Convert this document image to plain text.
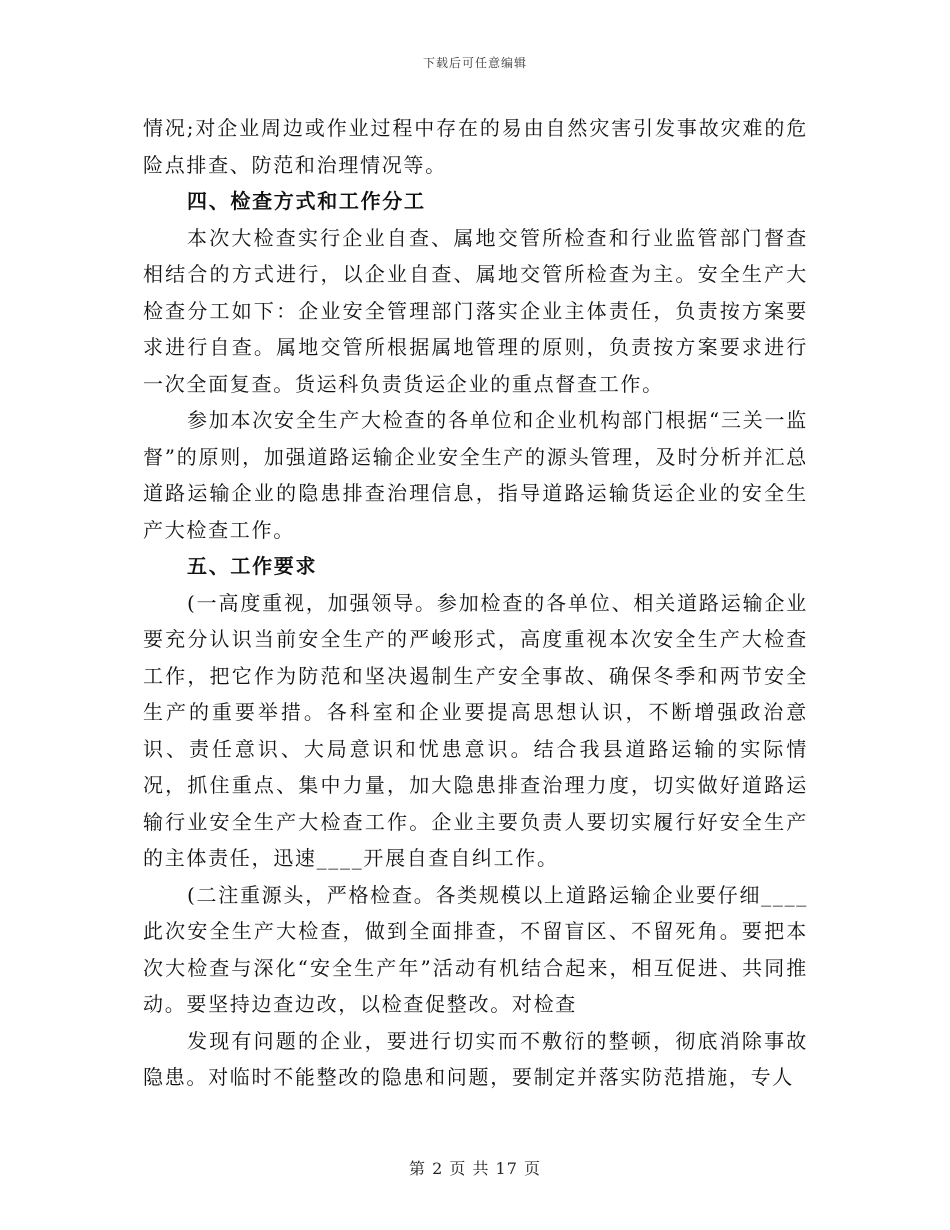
下载后可任意编辑

情况;对企业周边或作业过程中存在的易由自然灾害引发事故灾难的危险点排查、防范和治理情况等。

四、检查方式和工作分工

本次大检查实行企业自查、属地交管所检查和行业监管部门督查相结合的方式进行，以企业自查、属地交管所检查为主。安全生产大检查分工如下：企业安全管理部门落实企业主体责任，负责按方案要求进行自查。属地交管所根据属地管理的原则，负责按方案要求进行一次全面复查。货运科负责货运企业的重点督查工作。

参加本次安全生产大检查的各单位和企业机构部门根据“三关一监督”的原则，加强道路运输企业安全生产的源头管理，及时分析并汇总道路运输企业的隐患排查治理信息，指导道路运输货运企业的安全生产大检查工作。

五、工作要求

(一高度重视，加强领导。参加检查的各单位、相关道路运输企业要充分认识当前安全生产的严峻形式，高度重视本次安全生产大检查工作，把它作为防范和坚决遏制生产安全事故、确保冬季和两节安全生产的重要举措。各科室和企业要提高思想认识，不断增强政治意识、责任意识、大局意识和忧患意识。结合我县道路运输的实际情况，抓住重点、集中力量，加大隐患排查治理力度，切实做好道路运输行业安全生产大检查工作。企业主要负责人要切实履行好安全生产的主体责任，迅速____开展自查自纠工作。

(二注重源头，严格检查。各类规模以上道路运输企业要仔细____此次安全生产大检查，做到全面排查，不留盲区、不留死角。要把本次大检查与深化“安全生产年”活动有机结合起来，相互促进、共同推动。要坚持边查边改，以检查促整改。对检查

发现有问题的企业，要进行切实而不敷衍的整顿，彻底消除事故隐患。对临时不能整改的隐患和问题，要制定并落实防范措施，专人

第 2 页 共 17 页
